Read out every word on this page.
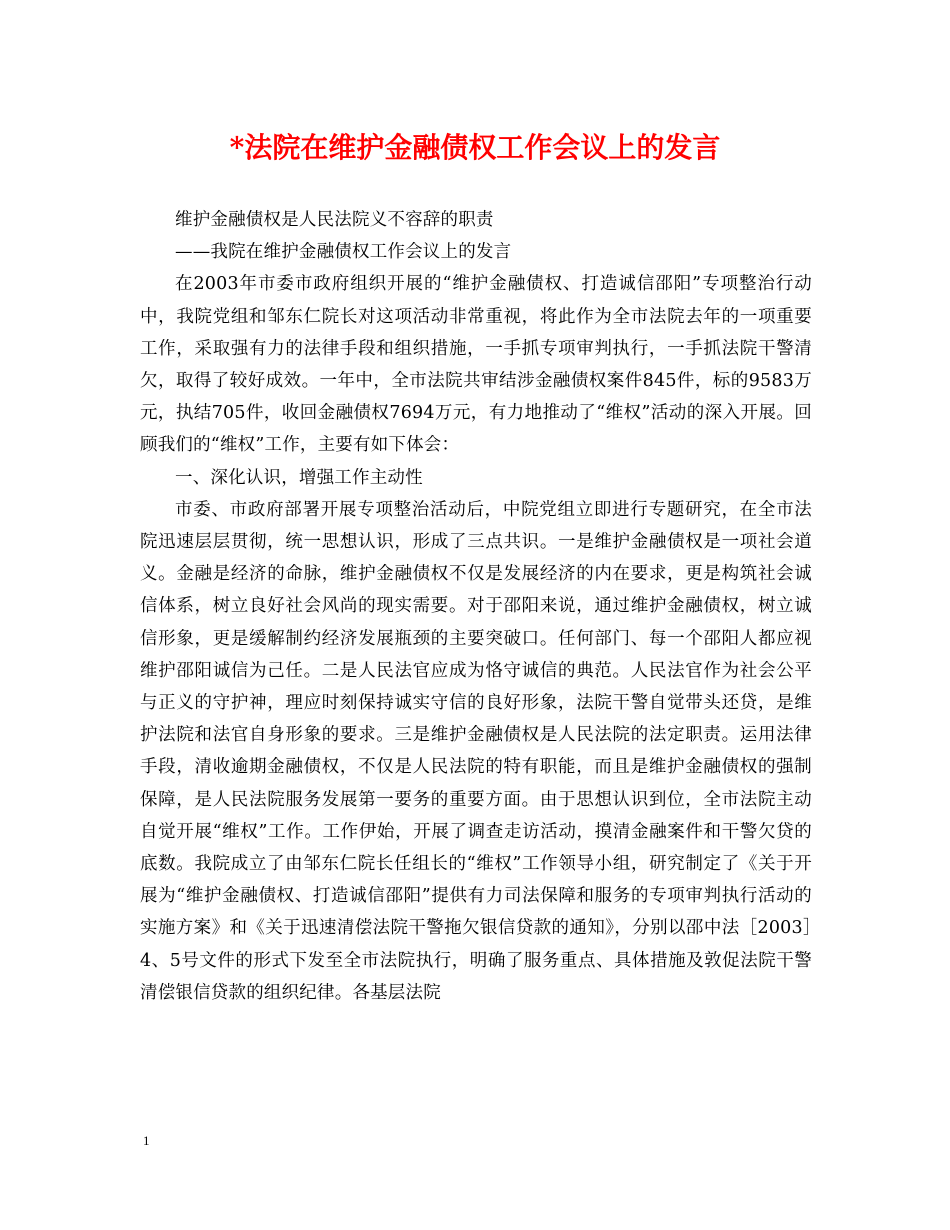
*法院在维护金融债权工作会议上的发言

维护金融债权是人民法院义不容辞的职责

——我院在维护金融债权工作会议上的发言

在2003年市委市政府组织开展的“维护金融债权、打造诚信邵阳”专项整治行动中，我院党组和邹东仁院长对这项活动非常重视，将此作为全市法院去年的一项重要工作，采取强有力的法律手段和组织措施，一手抓专项审判执行，一手抓法院干警清欠，取得了较好成效。一年中，全市法院共审结涉金融债权案件845件，标的9583万元，执结705件，收回金融债权7694万元，有力地推动了“维权”活动的深入开展。回顾我们的“维权”工作，主要有如下体会：

一、深化认识，增强工作主动性

市委、市政府部署开展专项整治活动后，中院党组立即进行专题研究，在全市法院迅速层层贯彻，统一思想认识，形成了三点共识。一是维护金融债权是一项社会道义。金融是经济的命脉，维护金融债权不仅是发展经济的内在要求，更是构筑社会诚信体系，树立良好社会风尚的现实需要。对于邵阳来说，通过维护金融债权，树立诚信形象，更是缓解制约经济发展瓶颈的主要突破口。任何部门、每一个邵阳人都应视维护邵阳诚信为己任。二是人民法官应成为恪守诚信的典范。人民法官作为社会公平与正义的守护神，理应时刻保持诚实守信的良好形象，法院干警自觉带头还贷，是维护法院和法官自身形象的要求。三是维护金融债权是人民法院的法定职责。运用法律手段，清收逾期金融债权，不仅是人民法院的特有职能，而且是维护金融债权的强制保障，是人民法院服务发展第一要务的重要方面。由于思想认识到位，全市法院主动自觉开展“维权”工作。工作伊始，开展了调查走访活动，摸清金融案件和干警欠贷的底数。我院成立了由邹东仁院长任组长的“维权”工作领导小组，研究制定了《关于开展为“维护金融债权、打造诚信邵阳”提供有力司法保障和服务的专项审判执行活动的实施方案》和《关于迅速清偿法院干警拖欠银信贷款的通知》，分别以邵中法［2003］4、5号文件的形式下发至全市法院执行，明确了服务重点、具体措施及敦促法院干警清偿银信贷款的组织纪律。各基层法院

1
